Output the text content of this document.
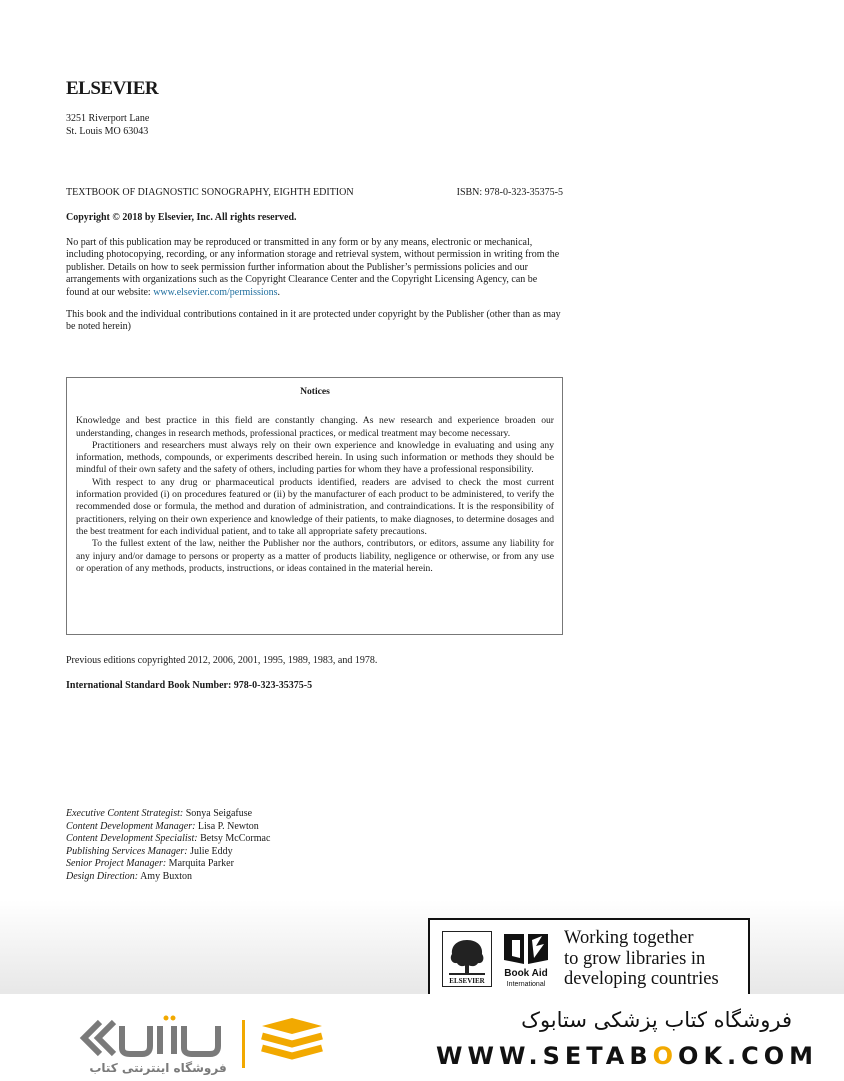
ELSEVIER
3251 Riverport Lane
St. Louis MO 63043
TEXTBOOK OF DIAGNOSTIC SONOGRAPHY, EIGHTH EDITION	ISBN: 978-0-323-35375-5
Copyright © 2018 by Elsevier, Inc. All rights reserved.
No part of this publication may be reproduced or transmitted in any form or by any means, electronic or mechanical, including photocopying, recording, or any information storage and retrieval system, without permission in writing from the publisher. Details on how to seek permission further information about the Publisher’s permissions policies and our arrangements with organizations such as the Copyright Clearance Center and the Copyright Licensing Agency, can be found at our website: www.elsevier.com/permissions.
This book and the individual contributions contained in it are protected under copyright by the Publisher (other than as may be noted herein)
Notices

Knowledge and best practice in this field are constantly changing. As new research and experience broaden our understanding, changes in research methods, professional practices, or medical treatment may become necessary.

Practitioners and researchers must always rely on their own experience and knowledge in evaluating and using any information, methods, compounds, or experiments described herein. In using such information or methods they should be mindful of their own safety and the safety of others, including parties for whom they have a professional responsibility.

With respect to any drug or pharmaceutical products identified, readers are advised to check the most current information provided (i) on procedures featured or (ii) by the manufacturer of each product to be administered, to verify the recommended dose or formula, the method and duration of administration, and contraindications. It is the responsibility of practitioners, relying on their own experience and knowledge of their patients, to make diagnoses, to determine dosages and the best treatment for each individual patient, and to take all appropriate safety precautions.

To the fullest extent of the law, neither the Publisher nor the authors, contributors, or editors, assume any liability for any injury and/or damage to persons or property as a matter of products liability, negligence or otherwise, or from any use or operation of any methods, products, instructions, or ideas contained in the material herein.

Previous editions copyrighted 2012, 2006, 2001, 1995, 1989, 1983, and 1978.
International Standard Book Number: 978-0-323-35375-5
Executive Content Strategist: Sonya Seigafuse
Content Development Manager: Lisa P. Newton
Content Development Specialist: Betsy McCormac
Publishing Services Manager: Julie Eddy
Senior Project Manager: Marquita Parker
Design Direction: Amy Buxton
ELSEVIER
Book Aid
International
Working together
to grow libraries in
developing countries
فروشگاه اینترنتی کتاب
فروشگاه کتاب پزشکی ستابوک
WWW.SETABOOK.COM
